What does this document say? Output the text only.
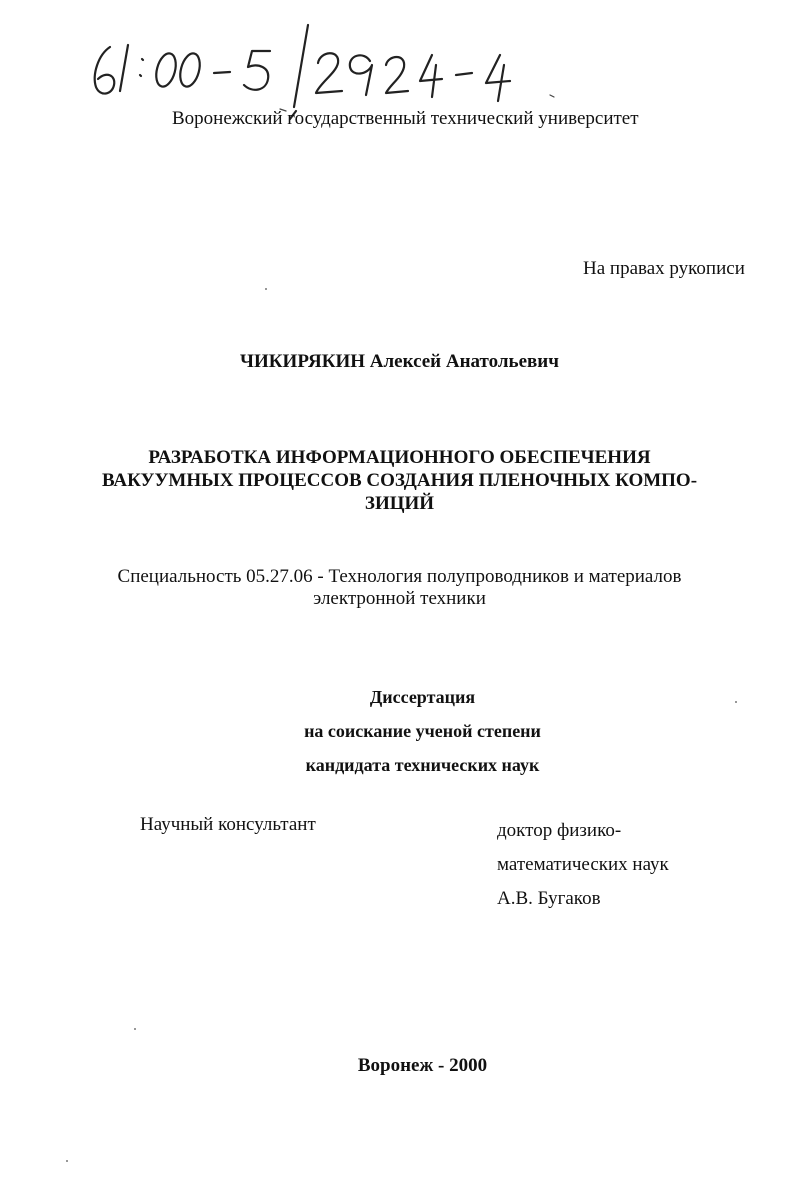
Воронежский государственный технический университет
На правах рукописи
ЧИКИРЯКИН Алексей Анатольевич
РАЗРАБОТКА ИНФОРМАЦИОННОГО ОБЕСПЕЧЕНИЯ
ВАКУУМНЫХ ПРОЦЕССОВ СОЗДАНИЯ ПЛЕНОЧНЫХ КОМПО-
ЗИЦИЙ
Специальность 05.27.06 - Технология полупроводников и материалов
электронной техники
Диссертация
на соискание ученой степени
кандидата технических наук
Научный консультант	доктор физико-
математических наук
А.В. Бугаков
Воронеж - 2000
